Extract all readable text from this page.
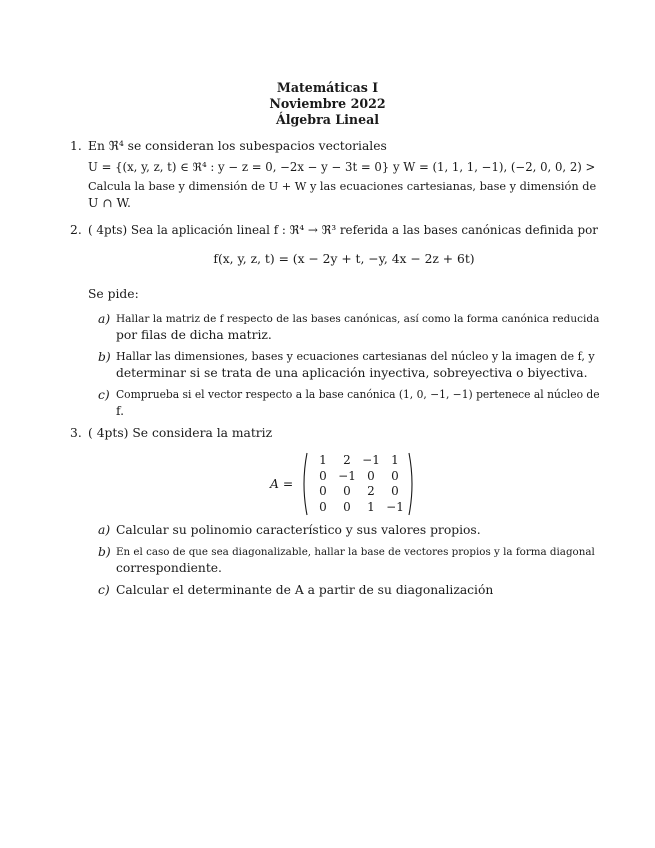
Matemáticas I
Noviembre 2022
Álgebra Lineal
1. En ℜ⁴ se consideran los subespacios vectoriales
U = {(x, y, z, t) ∈ ℜ⁴ : y − z = 0, −2x − y − 3t = 0} y W = (1, 1, 1, −1), (−2, 0, 0, 2) >
Calcula la base y dimensión de U + W y las ecuaciones cartesianas, base y dimensión de
U ∩ W.
2. ( 4pts) Sea la aplicación lineal f : ℜ⁴ → ℜ³ referida a las bases canónicas definida por
f(x, y, z, t) = (x − 2y + t, −y, 4x − 2z + 6t)
Se pide:
a) Hallar la matriz de f respecto de las bases canónicas, así como la forma canónica reducida
por filas de dicha matriz.
b) Hallar las dimensiones, bases y ecuaciones cartesianas del núcleo y la imagen de f, y
determinar si se trata de una aplicación inyectiva, sobreyectiva o biyectiva.
c) Comprueba si el vector respecto a la base canónica (1, 0, −1, −1) pertenece al núcleo de
f.
3. ( 4pts) Se considera la matriz
A =
1	2	−1	1
0	−1	0	0
0	0	2	0
0	0	1	−1
a) Calcular su polinomio característico y sus valores propios.
b) En el caso de que sea diagonalizable, hallar la base de vectores propios y la forma diagonal
correspondiente.
c) Calcular el determinante de A a partir de su diagonalización
